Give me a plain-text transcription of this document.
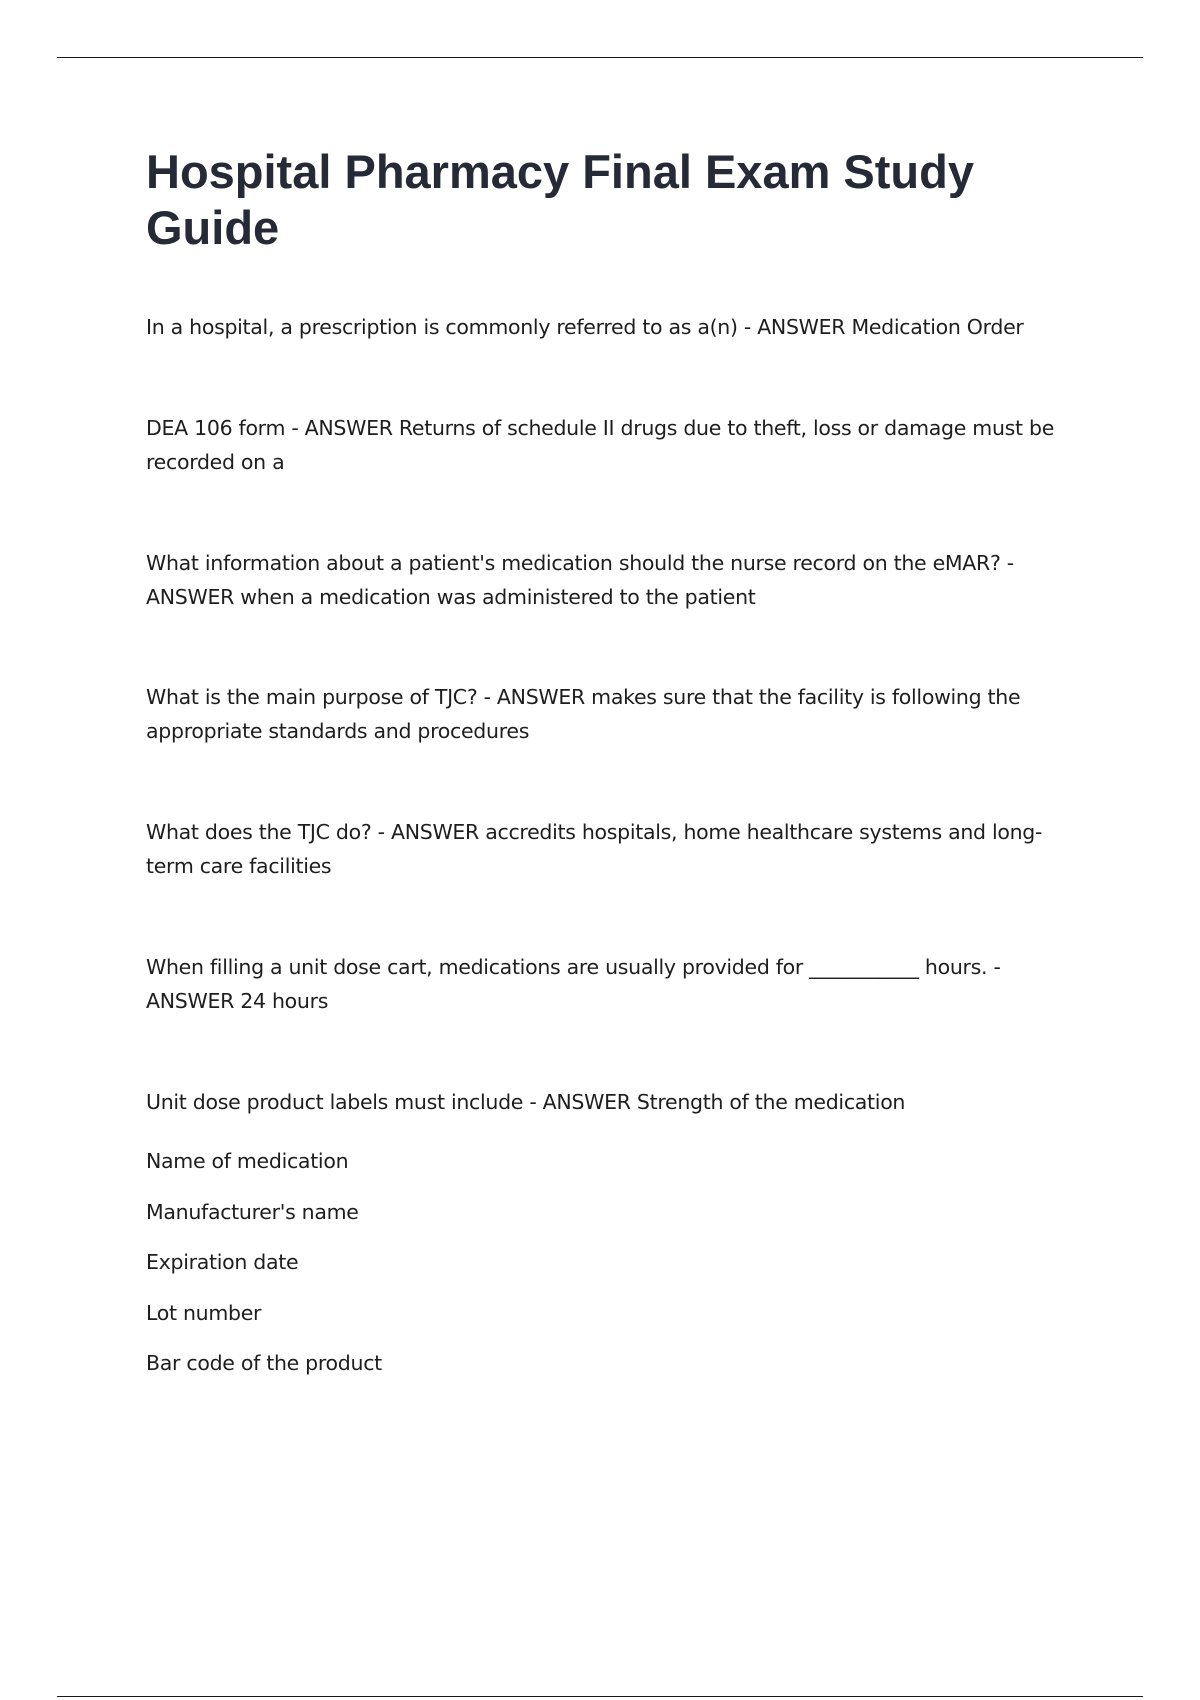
Hospital Pharmacy Final Exam Study Guide

In a hospital, a prescription is commonly referred to as a(n) - ANSWER Medication Order

DEA 106 form - ANSWER Returns of schedule II drugs due to theft, loss or damage must be recorded on a

What information about a patient's medication should the nurse record on the eMAR? - ANSWER when a medication was administered to the patient

What is the main purpose of TJC? - ANSWER makes sure that the facility is following the appropriate standards and procedures

What does the TJC do? - ANSWER accredits hospitals, home healthcare systems and long-term care facilities

When filling a unit dose cart, medications are usually provided for ___________ hours. - ANSWER 24 hours

Unit dose product labels must include - ANSWER Strength of the medication

Name of medication
Manufacturer's name
Expiration date
Lot number
Bar code of the product
